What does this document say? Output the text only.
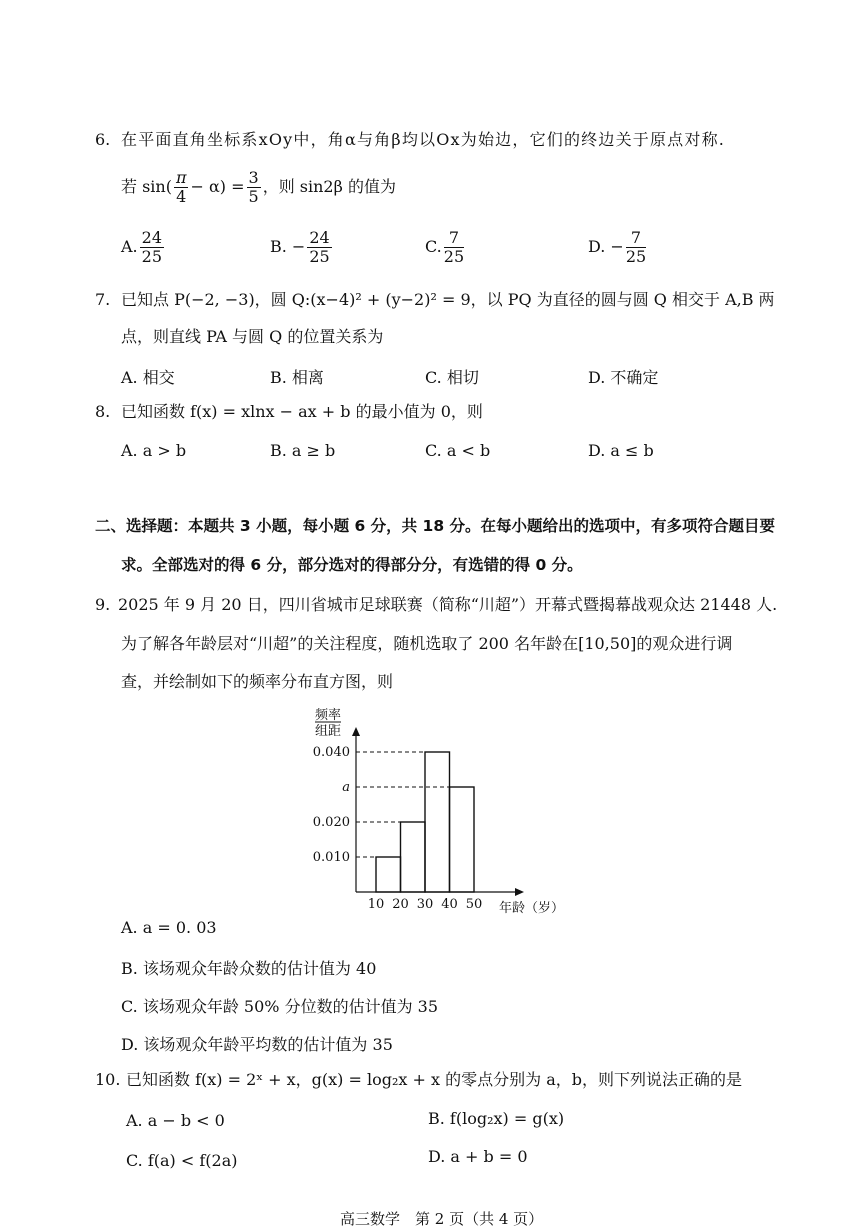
6. 在平面直角坐标系xOy中，角α与角β均以Ox为始边，它们的终边关于原点对称.
若 $\sin( \frac{\pi}{4} - \alpha) = \frac{3}{5}$ ，则 sin2β 的值为
A. $\frac{24}{25}$	B. − $\frac{24}{25}$	C. $\frac{7}{25}$	D. − $\frac{7}{25}$
7. 已知点 P(−2, −3)，圆 Q:(x−4)² + (y−2)² = 9，以 PQ 为直径的圆与圆 Q 相交于 A,B 两
点，则直线 PA 与圆 Q 的位置关系为
A. 相交	B. 相离	C. 相切	D. 不确定
8. 已知函数 f(x) = xlnx − ax + b 的最小值为 0，则
A. a > b	B. a ≥ b	C. a < b	D. a ≤ b
二、选择题：本题共 3 小题，每小题 6 分，共 18 分。在每小题给出的选项中，有多项符合题目要
求。全部选对的得 6 分，部分选对的得部分分，有选错的得 0 分。
9. 2025 年 9 月 20 日，四川省城市足球联赛（简称“川超”）开幕式暨揭幕战观众达 21448 人.
为了解各年龄层对“川超”的关注程度，随机选取了 200 名年龄在[10,50]的观众进行调
查，并绘制如下的频率分布直方图，则
频率
组距
0.040
a
0.020
0.010
10 20 30 40 50 年龄（岁）
A. a = 0. 03
B. 该场观众年龄众数的估计值为 40
C. 该场观众年龄 50% 分位数的估计值为 35
D. 该场观众年龄平均数的估计值为 35
10. 已知函数 f(x) = 2ˣ + x，g(x) = log₂x + x 的零点分别为 a，b，则下列说法正确的是
A. a − b < 0	B. f(log₂x) = g(x)
C. f(a) < f(2a)	D. a + b = 0
高三数学　第 2 页（共 4 页）
